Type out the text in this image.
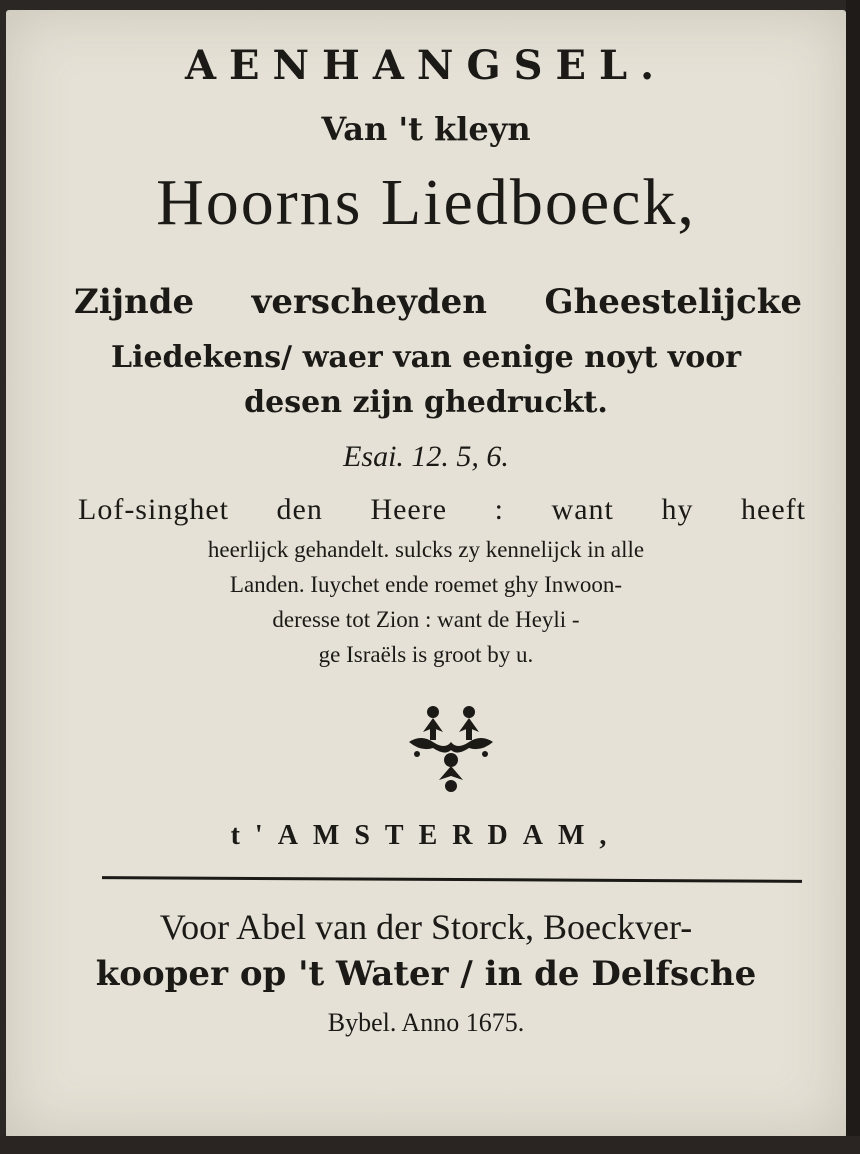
AENHANGSEL.
Van 't kleyn
Hoorns Liedboeck,
Zijnde verscheyden Gheestelijcke
Liedekens/ waer van eenige noyt voor
desen zijn ghedruckt.
Esai. 12. 5, 6.
Lof-singhet den Heere : want hy heeft
heerlijck gehandelt. sulcks zy kennelijck in alle
Landen. Iuychet ende roemet ghy Inwoon-
deresse tot Zion : want de Heyli -
ge Israëls is groot by u.
t'AMSTERDAM,
Voor Abel van der Storck, Boeckver-
kooper op 't Water / in de Delfsche
Bybel. Anno 1675.
